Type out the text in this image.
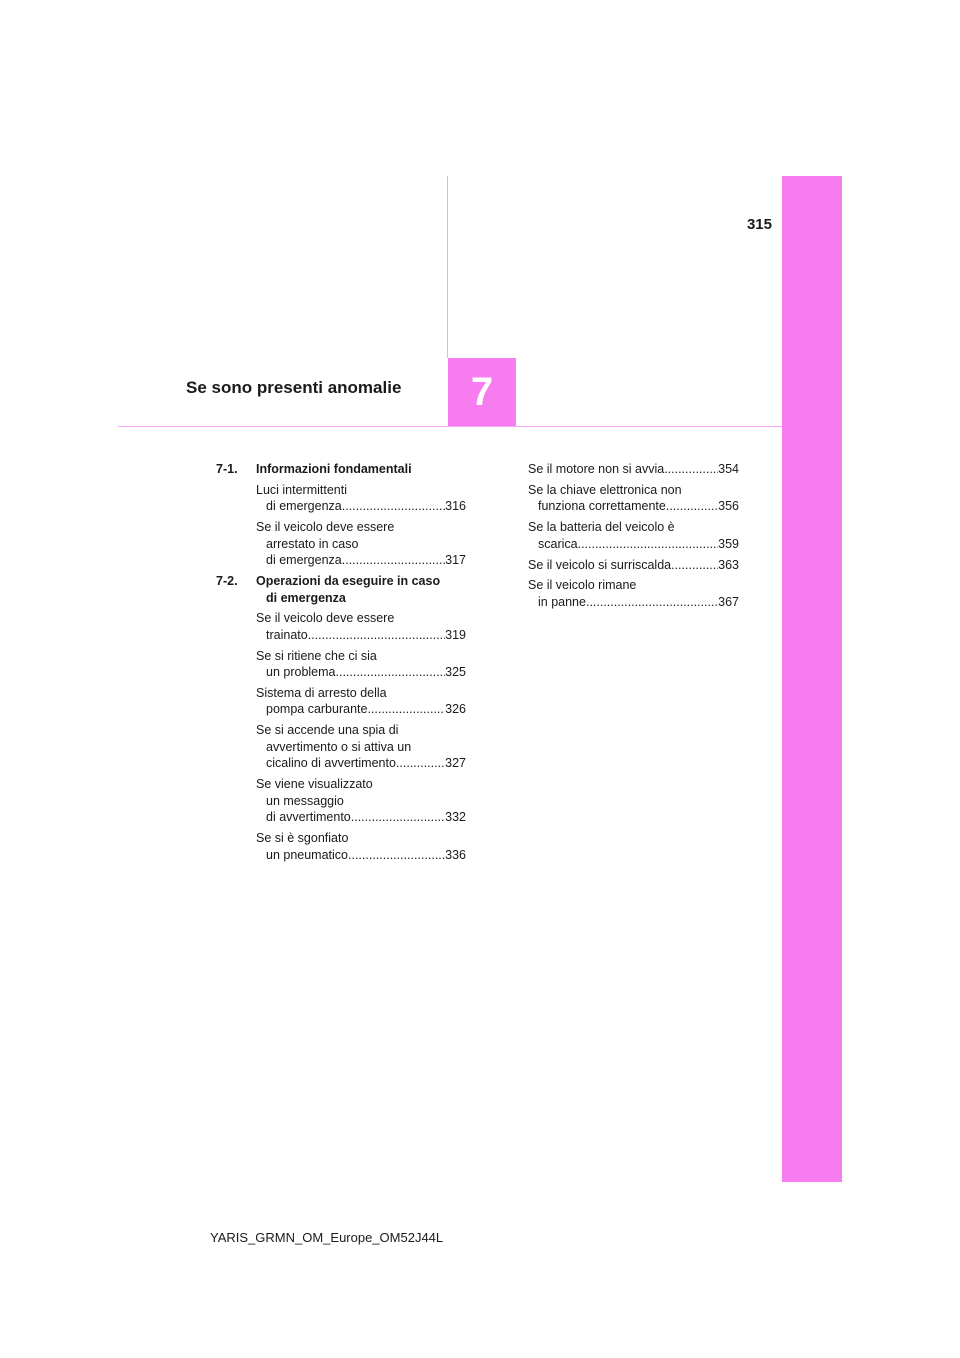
315
7
Se sono presenti anomalie
7-1.	Informazioni fondamentali
Luci intermittenti
di emergenza .....	316
Se il veicolo deve essere
arrestato in caso
di emergenza .....	317
7-2.	Operazioni da eseguire in caso
di emergenza
Se il veicolo deve essere
trainato .....	319
Se si ritiene che ci sia
un problema .....	325
Sistema di arresto della
pompa carburante .....	326
Se si accende una spia di
avvertimento o si attiva un
cicalino di avvertimento .....	327
Se viene visualizzato
un messaggio
di avvertimento .....	332
Se si è sgonfiato
un pneumatico .....	336
Se il motore non si avvia .....	354
Se la chiave elettronica non
funziona correttamente .....	356
Se la batteria del veicolo è
scarica .....	359
Se il veicolo si surriscalda .....	363
Se il veicolo rimane
in panne .....	367
YARIS_GRMN_OM_Europe_OM52J44L
